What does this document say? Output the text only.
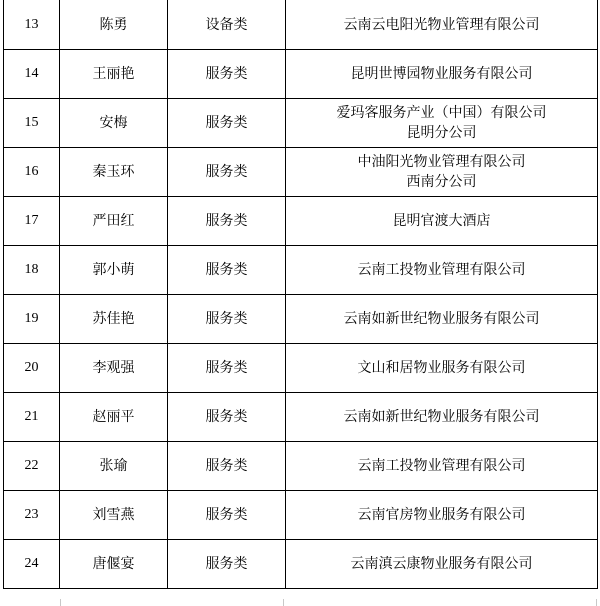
13	陈勇	设备类	云南云电阳光物业管理有限公司

14	王丽艳	服务类	昆明世博园物业服务有限公司

15	安梅	服务类	爱玛客服务产业（中国）有限公司
昆明分公司

16	秦玉环	服务类	中油阳光物业管理有限公司
西南分公司

17	严田红	服务类	昆明官渡大酒店

18	郭小萌	服务类	云南工投物业管理有限公司

19	苏佳艳	服务类	云南如新世纪物业服务有限公司

20	李观强	服务类	文山和居物业服务有限公司

21	赵丽平	服务类	云南如新世纪物业服务有限公司

22	张瑜	服务类	云南工投物业管理有限公司

23	刘雪燕	服务类	云南官房物业服务有限公司

24	唐偃宴	服务类	云南滇云康物业服务有限公司
